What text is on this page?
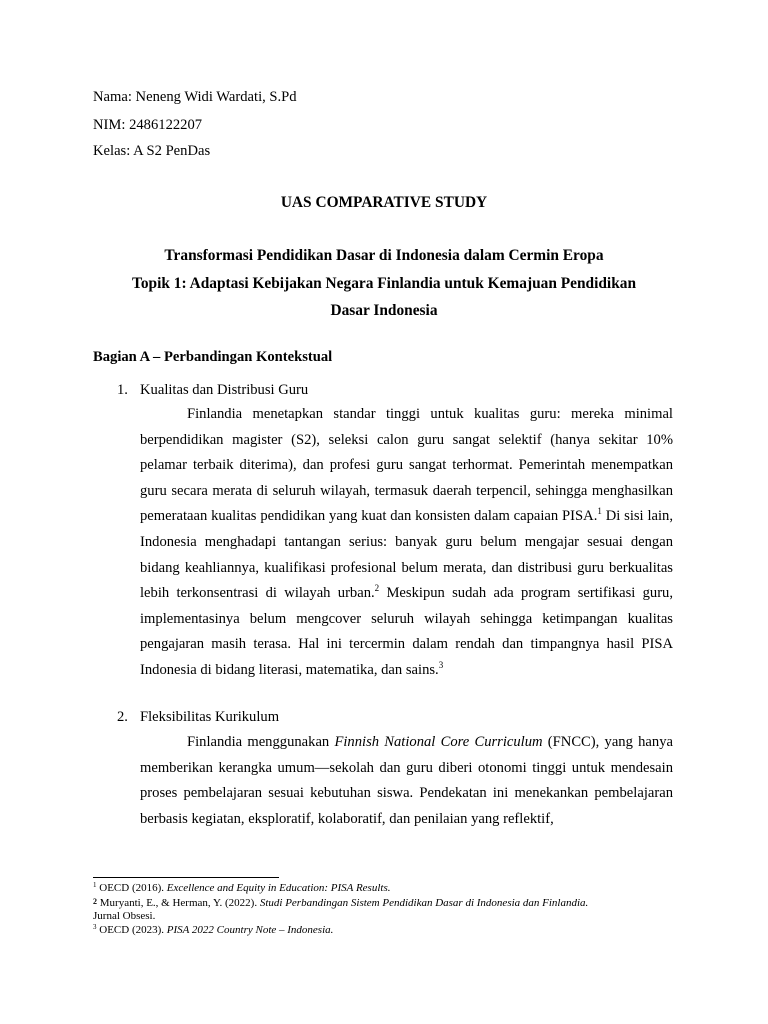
Nama: Neneng Widi Wardati, S.Pd
NIM: 2486122207
Kelas: A S2 PenDas
UAS COMPARATIVE STUDY
Transformasi Pendidikan Dasar di Indonesia dalam Cermin Eropa
Topik 1: Adaptasi Kebijakan Negara Finlandia untuk Kemajuan Pendidikan
Dasar Indonesia
Bagian A – Perbandingan Kontekstual
1. Kualitas dan Distribusi Guru

Finlandia menetapkan standar tinggi untuk kualitas guru: mereka minimal berpendidikan magister (S2), seleksi calon guru sangat selektif (hanya sekitar 10% pelamar terbaik diterima), dan profesi guru sangat terhormat. Pemerintah menempatkan guru secara merata di seluruh wilayah, termasuk daerah terpencil, sehingga menghasilkan pemerataan kualitas pendidikan yang kuat dan konsisten dalam capaian PISA.$^1$ Di sisi lain, Indonesia menghadapi tantangan serius: banyak guru belum mengajar sesuai dengan bidang keahliannya, kualifikasi profesional belum merata, dan distribusi guru berkualitas lebih terkonsentrasi di wilayah urban.$^2$ Meskipun sudah ada program sertifikasi guru, implementasinya belum mengcover seluruh wilayah sehingga ketimpangan kualitas pengajaran masih terasa. Hal ini tercermin dalam rendah dan timpangnya hasil PISA Indonesia di bidang literasi, matematika, dan sains.$^3$

2. Fleksibilitas Kurikulum

Finlandia menggunakan Finnish National Core Curriculum (FNCC), yang hanya memberikan kerangka umum—sekolah dan guru diberi otonomi tinggi untuk mendesain proses pembelajaran sesuai kebutuhan siswa. Pendekatan ini menekankan pembelajaran berbasis kegiatan, eksploratif, kolaboratif, dan penilaian yang reflektif,

$^1$ OECD (2016). Excellence and Equity in Education: PISA Results.
2 Muryanti, E., & Herman, Y. (2022). Studi Perbandingan Sistem Pendidikan Dasar di Indonesia dan Finlandia.
Jurnal Obsesi.
$^3$ OECD (2023). PISA 2022 Country Note – Indonesia.
